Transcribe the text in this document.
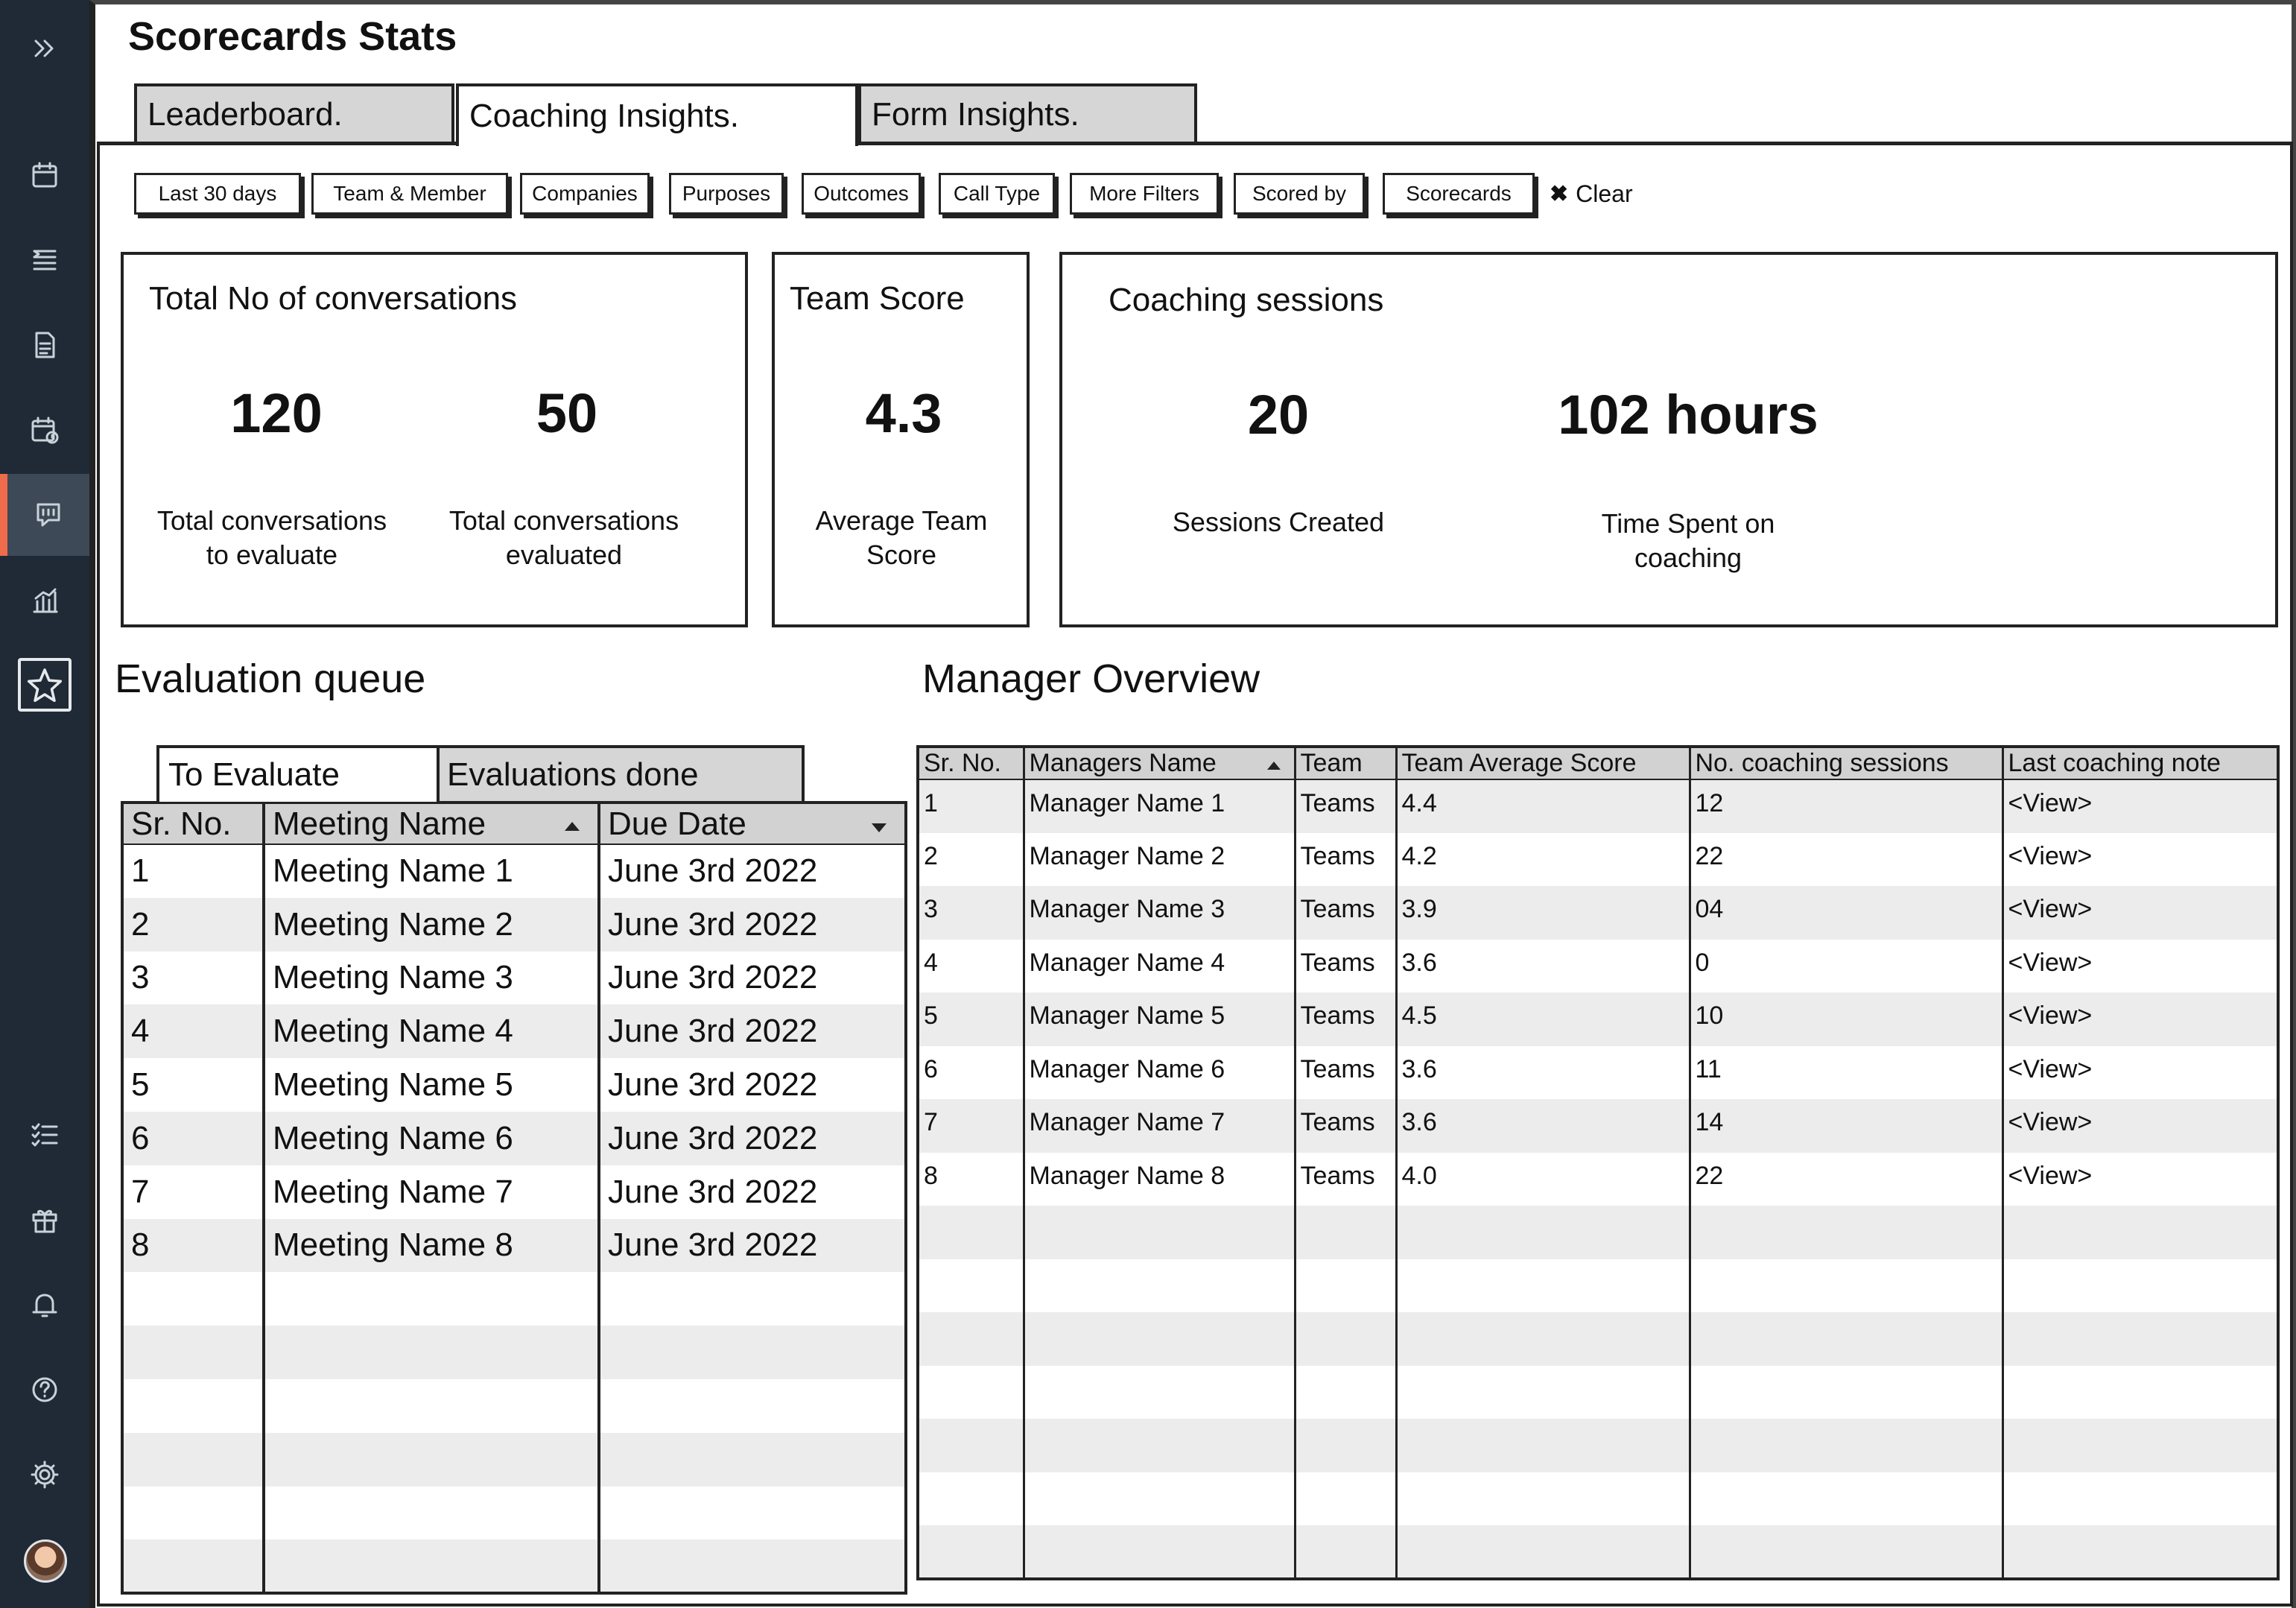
Scorecards Stats
Leaderboard.	Coaching Insights.	Form Insights.
Last 30 days	Team & Member	Companies	Purposes	Outcomes	Call Type	More Filters	Scored by	Scorecards	✖ Clear
Total No of conversations
120	50
Total conversations to evaluate
Total conversations evaluated
Team Score
4.3
Average Team Score
Coaching sessions
20	102 hours
Sessions Created	Time Spent on coaching
Evaluation queue	Manager Overview
To Evaluate	Evaluations done
Sr. No.	Meeting Name	Due Date
1	Meeting Name 1	June 3rd 2022
2	Meeting Name 2	June 3rd 2022
3	Meeting Name 3	June 3rd 2022
4	Meeting Name 4	June 3rd 2022
5	Meeting Name 5	June 3rd 2022
6	Meeting Name 6	June 3rd 2022
7	Meeting Name 7	June 3rd 2022
8	Meeting Name 8	June 3rd 2022

Sr. No.	Managers Name	Team	Team Average Score	No. coaching sessions	Last coaching note
1	Manager Name 1	Teams	4.4	12	<View>
2	Manager Name 2	Teams	4.2	22	<View>
3	Manager Name 3	Teams	3.9	04	<View>
4	Manager Name 4	Teams	3.6	0	<View>
5	Manager Name 5	Teams	4.5	10	<View>
6	Manager Name 6	Teams	3.6	11	<View>
7	Manager Name 7	Teams	3.6	14	<View>
8	Manager Name 8	Teams	4.0	22	<View>
